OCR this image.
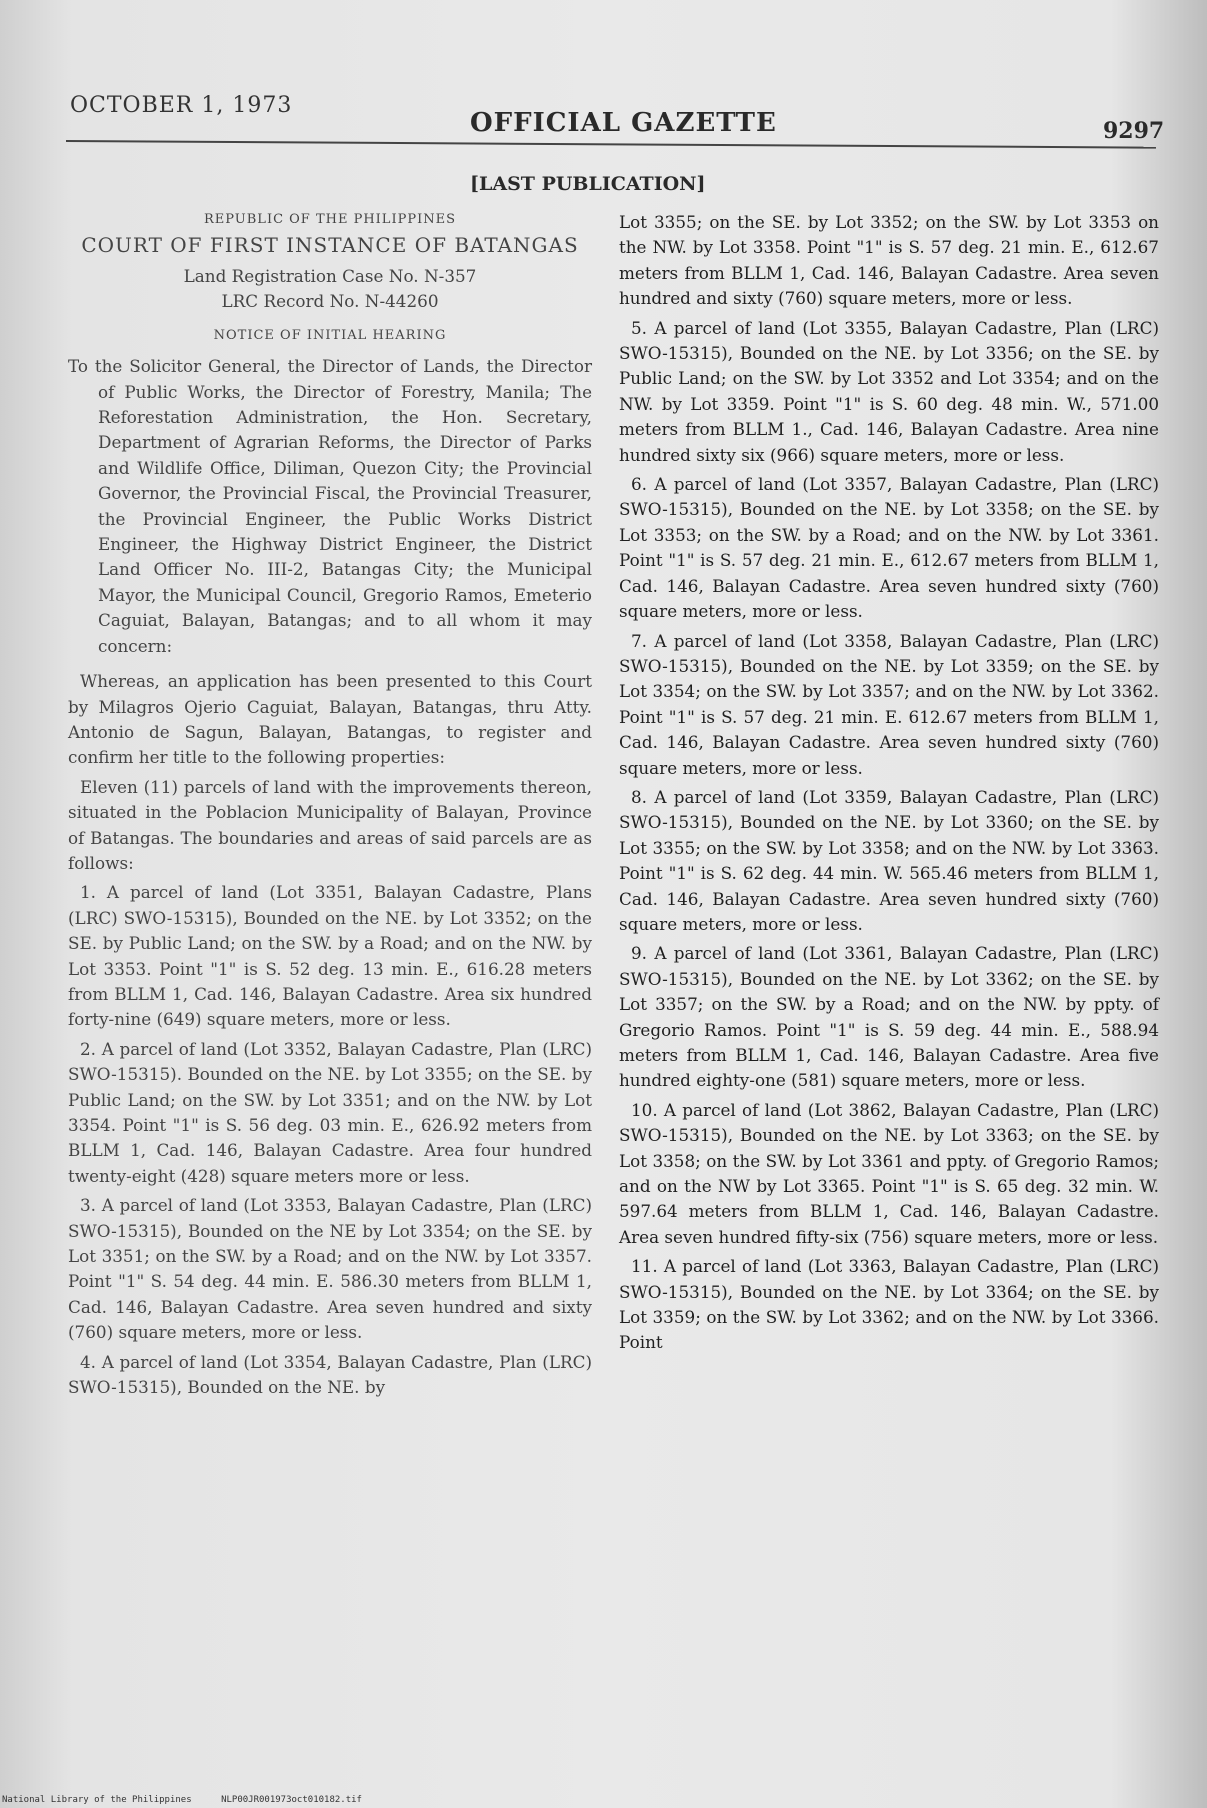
OCTOBER 1, 1973
OFFICIAL GAZETTE	9297
[LAST PUBLICATION]

REPUBLIC OF THE PHILIPPINES

COURT OF FIRST INSTANCE OF BATANGAS

Land Registration Case No. N-357

LRC Record No. N-44260

NOTICE OF INITIAL HEARING

To the Solicitor General, the Director of Lands, the Director of Public Works, the Director of Forestry, Manila; The Reforestation Administration, the Hon. Secretary, Department of Agrarian Reforms, the Director of Parks and Wildlife Office, Diliman, Quezon City; the Provincial Governor, the Provincial Fiscal, the Provincial Treasurer, the Provincial Engineer, the Public Works District Engineer, the Highway District Engineer, the District Land Officer No. III-2, Batangas City; the Municipal Mayor, the Municipal Council, Gregorio Ramos, Emeterio Caguiat, Balayan, Batangas; and to all whom it may concern:

Whereas, an application has been presented to this Court by Milagros Ojerio Caguiat, Balayan, Batangas, thru Atty. Antonio de Sagun, Balayan, Batangas, to register and confirm her title to the following properties:

Eleven (11) parcels of land with the improvements thereon, situated in the Poblacion Municipality of Balayan, Province of Batangas. The boundaries and areas of said parcels are as follows:

1. A parcel of land (Lot 3351, Balayan Cadastre, Plans (LRC) SWO-15315), Bounded on the NE. by Lot 3352; on the SE. by Public Land; on the SW. by a Road; and on the NW. by Lot 3353. Point "1" is S. 52 deg. 13 min. E., 616.28 meters from BLLM 1, Cad. 146, Balayan Cadastre. Area six hundred forty-nine (649) square meters, more or less.

2. A parcel of land (Lot 3352, Balayan Cadastre, Plan (LRC) SWO-15315). Bounded on the NE. by Lot 3355; on the SE. by Public Land; on the SW. by Lot 3351; and on the NW. by Lot 3354. Point "1" is S. 56 deg. 03 min. E., 626.92 meters from BLLM 1, Cad. 146, Balayan Cadastre. Area four hundred twenty-eight (428) square meters more or less.

3. A parcel of land (Lot 3353, Balayan Cadastre, Plan (LRC) SWO-15315), Bounded on the NE by Lot 3354; on the SE. by Lot 3351; on the SW. by a Road; and on the NW. by Lot 3357. Point "1" S. 54 deg. 44 min. E. 586.30 meters from BLLM 1, Cad. 146, Balayan Cadastre. Area seven hundred and sixty (760) square meters, more or less.

4. A parcel of land (Lot 3354, Balayan Cadastre, Plan (LRC) SWO-15315), Bounded on the NE. by

Lot 3355; on the SE. by Lot 3352; on the SW. by Lot 3353 on the NW. by Lot 3358. Point "1" is S. 57 deg. 21 min. E., 612.67 meters from BLLM 1, Cad. 146, Balayan Cadastre. Area seven hundred and sixty (760) square meters, more or less.

5. A parcel of land (Lot 3355, Balayan Cadastre, Plan (LRC) SWO-15315), Bounded on the NE. by Lot 3356; on the SE. by Public Land; on the SW. by Lot 3352 and Lot 3354; and on the NW. by Lot 3359. Point "1" is S. 60 deg. 48 min. W., 571.00 meters from BLLM 1., Cad. 146, Balayan Cadastre. Area nine hundred sixty six (966) square meters, more or less.

6. A parcel of land (Lot 3357, Balayan Cadastre, Plan (LRC) SWO-15315), Bounded on the NE. by Lot 3358; on the SE. by Lot 3353; on the SW. by a Road; and on the NW. by Lot 3361. Point "1" is S. 57 deg. 21 min. E., 612.67 meters from BLLM 1, Cad. 146, Balayan Cadastre. Area seven hundred sixty (760) square meters, more or less.

7. A parcel of land (Lot 3358, Balayan Cadastre, Plan (LRC) SWO-15315), Bounded on the NE. by Lot 3359; on the SE. by Lot 3354; on the SW. by Lot 3357; and on the NW. by Lot 3362. Point "1" is S. 57 deg. 21 min. E. 612.67 meters from BLLM 1, Cad. 146, Balayan Cadastre. Area seven hundred sixty (760) square meters, more or less.

8. A parcel of land (Lot 3359, Balayan Cadastre, Plan (LRC) SWO-15315), Bounded on the NE. by Lot 3360; on the SE. by Lot 3355; on the SW. by Lot 3358; and on the NW. by Lot 3363. Point "1" is S. 62 deg. 44 min. W. 565.46 meters from BLLM 1, Cad. 146, Balayan Cadastre. Area seven hundred sixty (760) square meters, more or less.

9. A parcel of land (Lot 3361, Balayan Cadastre, Plan (LRC) SWO-15315), Bounded on the NE. by Lot 3362; on the SE. by Lot 3357; on the SW. by a Road; and on the NW. by ppty. of Gregorio Ramos. Point "1" is S. 59 deg. 44 min. E., 588.94 meters from BLLM 1, Cad. 146, Balayan Cadastre. Area five hundred eighty-one (581) square meters, more or less.

10. A parcel of land (Lot 3862, Balayan Cadastre, Plan (LRC) SWO-15315), Bounded on the NE. by Lot 3363; on the SE. by Lot 3358; on the SW. by Lot 3361 and ppty. of Gregorio Ramos; and on the NW by Lot 3365. Point "1" is S. 65 deg. 32 min. W. 597.64 meters from BLLM 1, Cad. 146, Balayan Cadastre. Area seven hundred fifty-six (756) square meters, more or less.

11. A parcel of land (Lot 3363, Balayan Cadastre, Plan (LRC) SWO-15315), Bounded on the NE. by Lot 3364; on the SE. by Lot 3359; on the SW. by Lot 3362; and on the NW. by Lot 3366. Point

National Library of the Philippines	NLP00JR001973oct010182.tif
